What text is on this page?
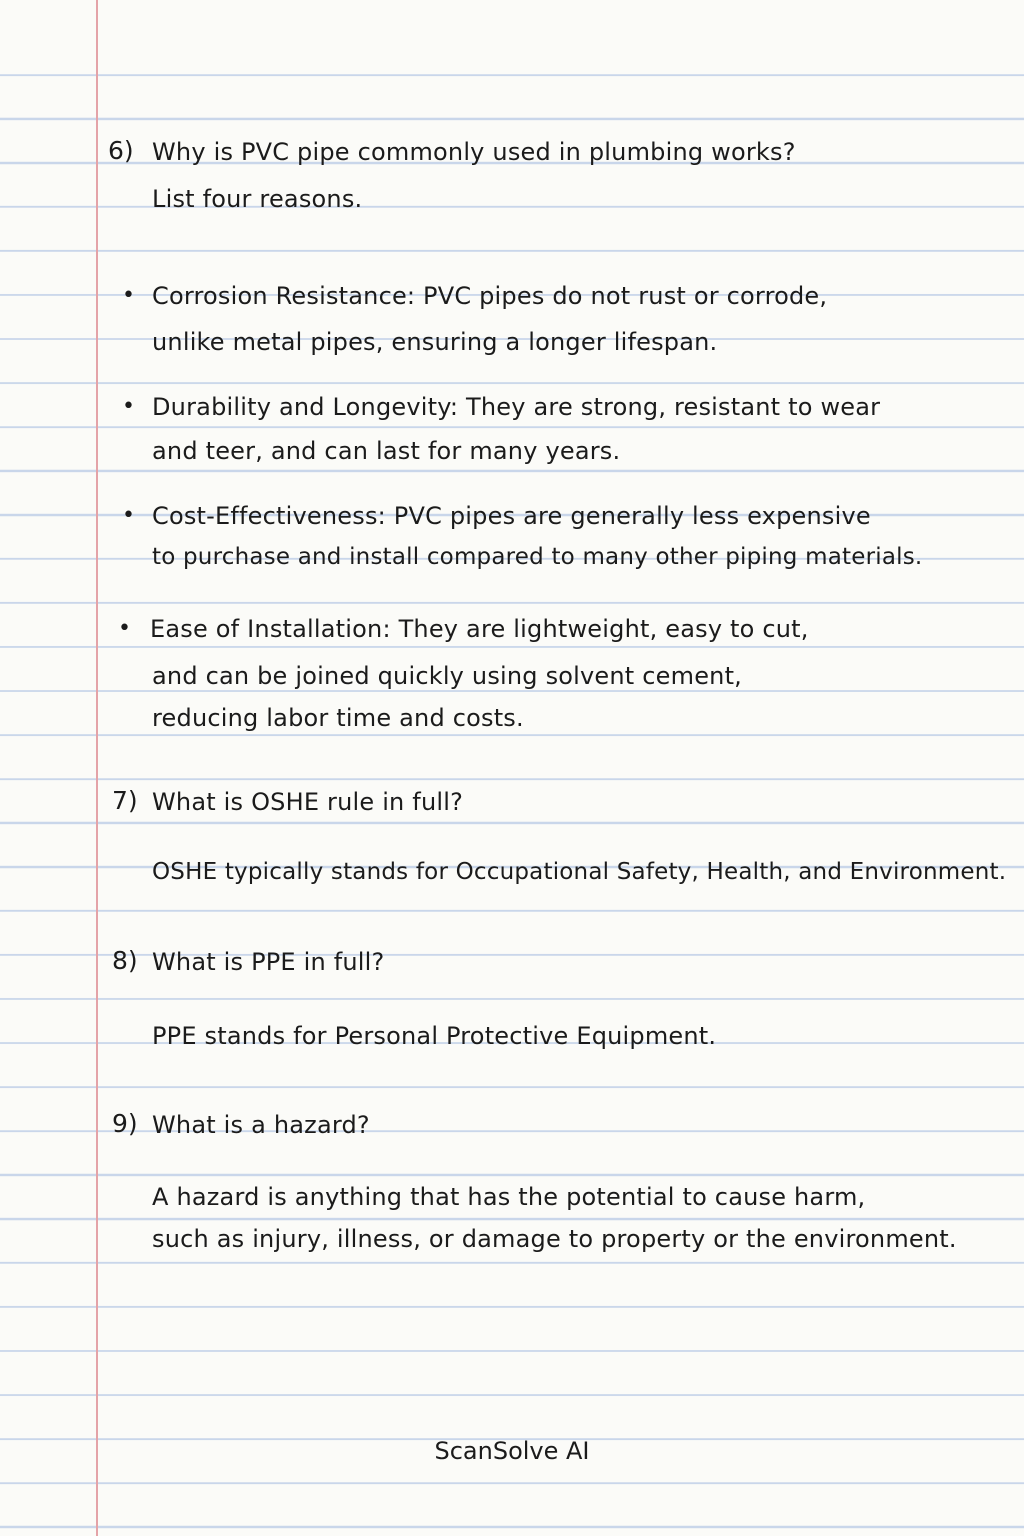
6) Why is PVC pipe commonly used in plumbing works?
List four reasons.
• Corrosion Resistance: PVC pipes do not rust or corrode,
unlike metal pipes, ensuring a longer lifespan.
• Durability and Longevity: They are strong, resistant to wear
and teer, and can last for many years.
• Cost-Effectiveness: PVC pipes are generally less expensive
to purchase and install compared to many other piping materials.
• Ease of Installation: They are lightweight, easy to cut,
and can be joined quickly using solvent cement,
reducing labor time and costs.
7) What is OSHE rule in full?
OSHE typically stands for Occupational Safety, Health, and Environment.
8) What is PPE in full?
PPE stands for Personal Protective Equipment.
9) What is a hazard?
A hazard is anything that has the potential to cause harm,
such as injury, illness, or damage to property or the environment.
ScanSolve AI
